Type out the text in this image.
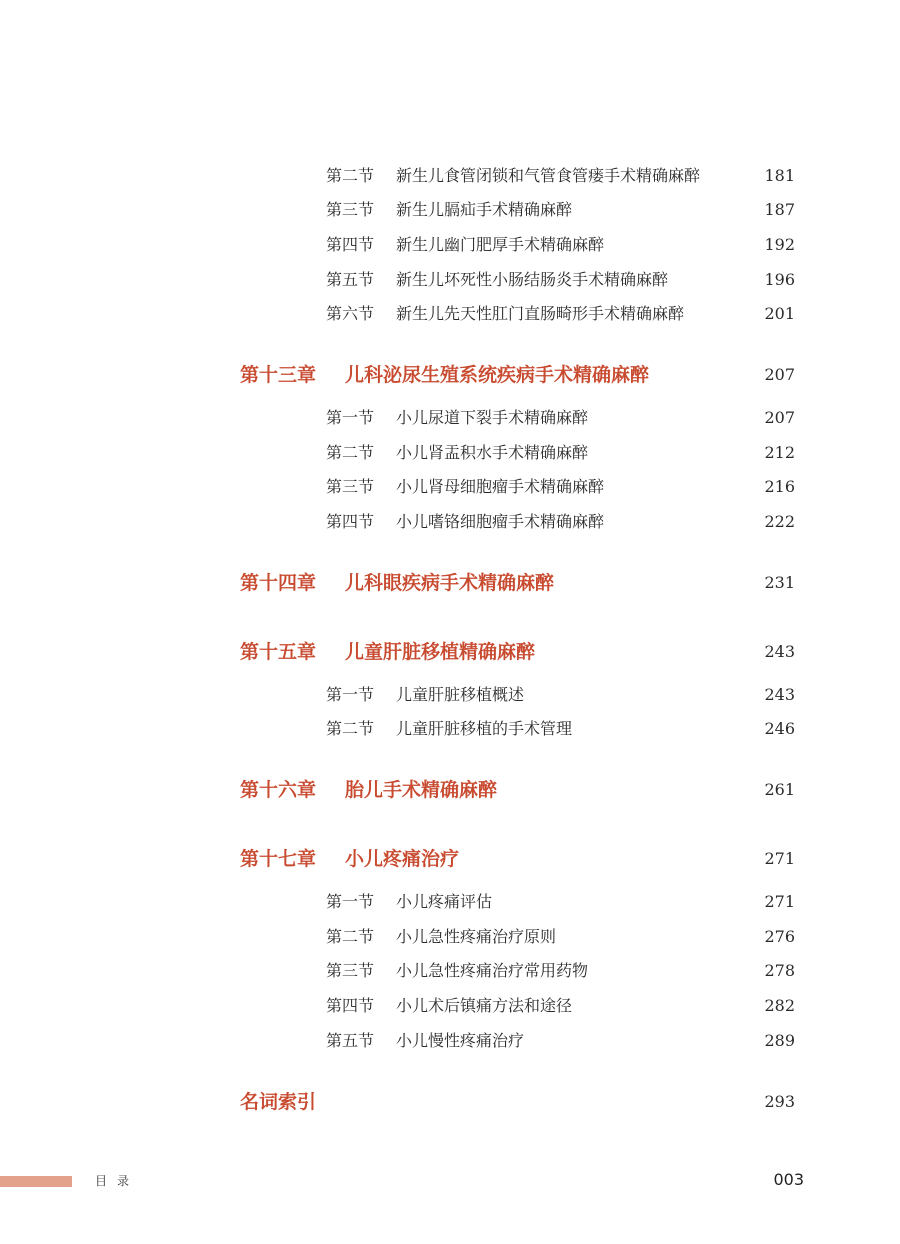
第二节 新生儿食管闭锁和气管食管瘘手术精确麻醉	181
第三节 新生儿膈疝手术精确麻醉	187
第四节 新生儿幽门肥厚手术精确麻醉	192
第五节 新生儿坏死性小肠结肠炎手术精确麻醉	196
第六节 新生儿先天性肛门直肠畸形手术精确麻醉	201
第十三章 儿科泌尿生殖系统疾病手术精确麻醉	207
第一节 小儿尿道下裂手术精确麻醉	207
第二节 小儿肾盂积水手术精确麻醉	212
第三节 小儿肾母细胞瘤手术精确麻醉	216
第四节 小儿嗜铬细胞瘤手术精确麻醉	222
第十四章 儿科眼疾病手术精确麻醉	231
第十五章 儿童肝脏移植精确麻醉	243
第一节 儿童肝脏移植概述	243
第二节 儿童肝脏移植的手术管理	246
第十六章 胎儿手术精确麻醉	261
第十七章 小儿疼痛治疗	271
第一节 小儿疼痛评估	271
第二节 小儿急性疼痛治疗原则	276
第三节 小儿急性疼痛治疗常用药物	278
第四节 小儿术后镇痛方法和途径	282
第五节 小儿慢性疼痛治疗	289
名词索引	293
目录	003
